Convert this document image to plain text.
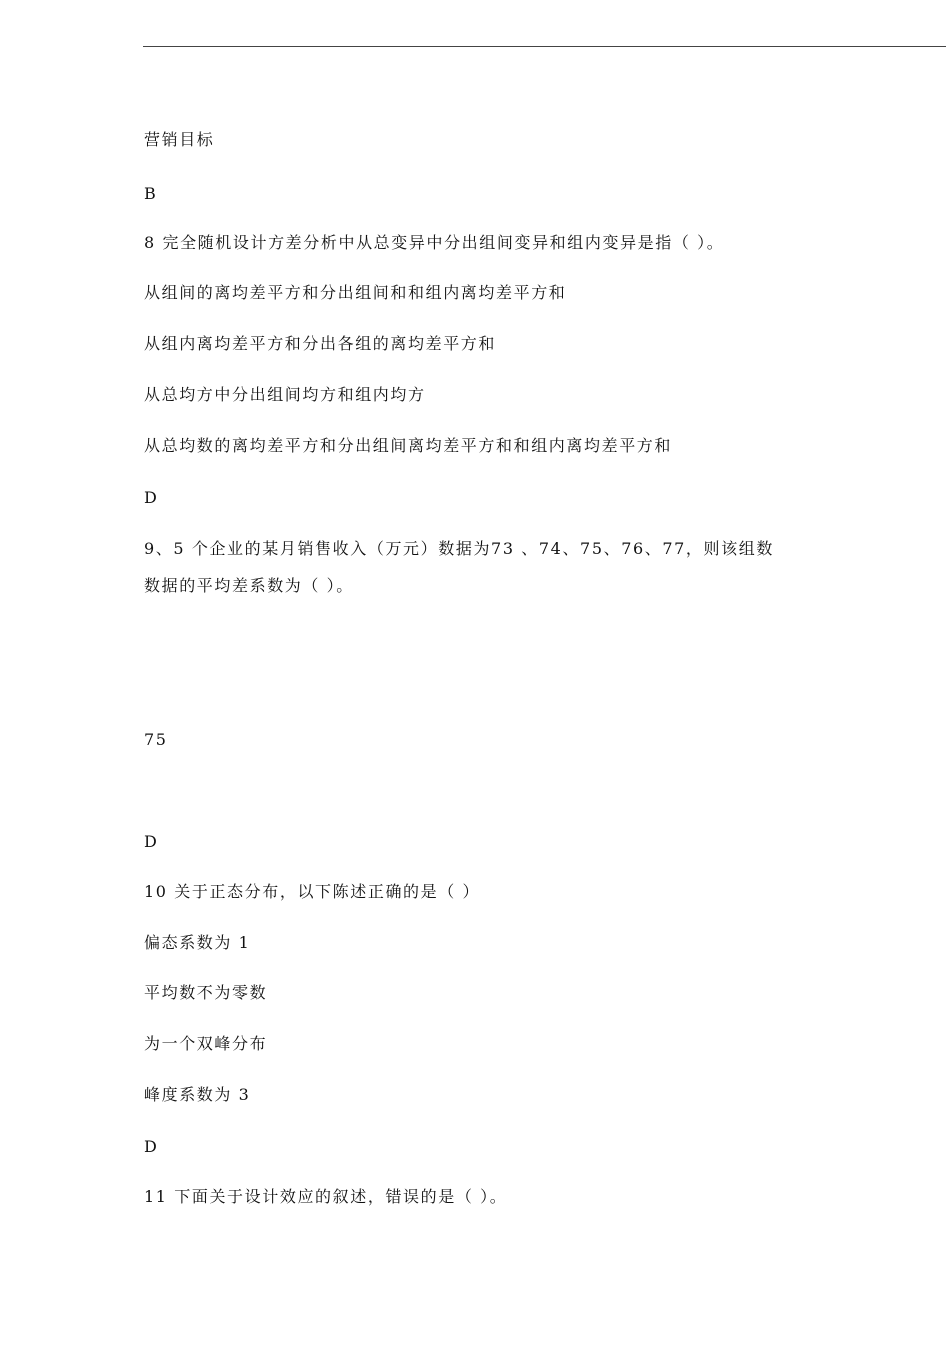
营销目标
B
8 完全随机设计方差分析中从总变异中分出组间变异和组内变异是指（ ）。
从组间的离均差平方和分出组间和和组内离均差平方和
从组内离均差平方和分出各组的离均差平方和
从总均方中分出组间均方和组内均方
从总均数的离均差平方和分出组间离均差平方和和组内离均差平方和
D
9、5 个企业的某月销售收入（万元）数据为73 、74、75、76、77，则该组数
数据的平均差系数为（ ）。
75
D
10 关于正态分布，以下陈述正确的是（ ）
偏态系数为 1
平均数不为零数
为一个双峰分布
峰度系数为 3
D
11 下面关于设计效应的叙述，错误的是（ ）。
